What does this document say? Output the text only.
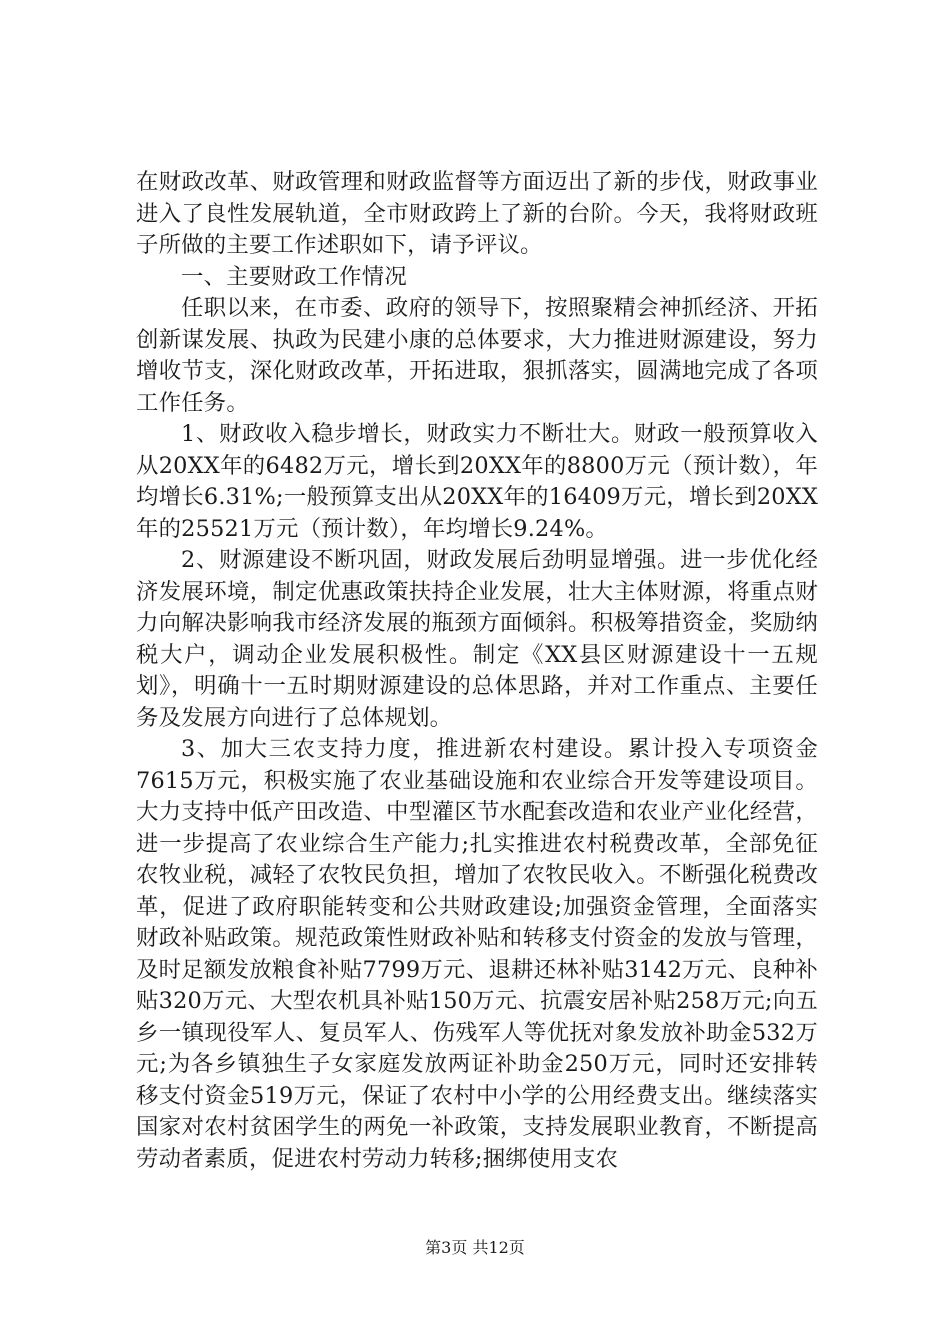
在财政改革、财政管理和财政监督等方面迈出了新的步伐，财政事业进入了良性发展轨道，全市财政跨上了新的台阶。今天，我将财政班子所做的主要工作述职如下，请予评议。

一、主要财政工作情况

任职以来，在市委、政府的领导下，按照聚精会神抓经济、开拓创新谋发展、执政为民建小康的总体要求，大力推进财源建设，努力增收节支，深化财政改革，开拓进取，狠抓落实，圆满地完成了各项工作任务。

1、财政收入稳步增长，财政实力不断壮大。财政一般预算收入从20XX年的6482万元，增长到20XX年的8800万元（预计数），年均增长6.31%;一般预算支出从20XX年的16409万元，增长到20XX年的25521万元（预计数），年均增长9.24%。

2、财源建设不断巩固，财政发展后劲明显增强。进一步优化经济发展环境，制定优惠政策扶持企业发展，壮大主体财源，将重点财力向解决影响我市经济发展的瓶颈方面倾斜。积极筹措资金，奖励纳税大户，调动企业发展积极性。制定《XX县区财源建设十一五规划》，明确十一五时期财源建设的总体思路，并对工作重点、主要任务及发展方向进行了总体规划。

3、加大三农支持力度，推进新农村建设。累计投入专项资金7615万元，积极实施了农业基础设施和农业综合开发等建设项目。大力支持中低产田改造、中型灌区节水配套改造和农业产业化经营，进一步提高了农业综合生产能力;扎实推进农村税费改革，全部免征农牧业税，减轻了农牧民负担，增加了农牧民收入。不断强化税费改革，促进了政府职能转变和公共财政建设;加强资金管理，全面落实财政补贴政策。规范政策性财政补贴和转移支付资金的发放与管理，及时足额发放粮食补贴7799万元、退耕还林补贴3142万元、良种补贴320万元、大型农机具补贴150万元、抗震安居补贴258万元;向五乡一镇现役军人、复员军人、伤残军人等优抚对象发放补助金532万元;为各乡镇独生子女家庭发放两证补助金250万元，同时还安排转移支付资金519万元，保证了农村中小学的公用经费支出。继续落实国家对农村贫困学生的两免一补政策，支持发展职业教育，不断提高劳动者素质，促进农村劳动力转移;捆绑使用支农

第3页 共12页
